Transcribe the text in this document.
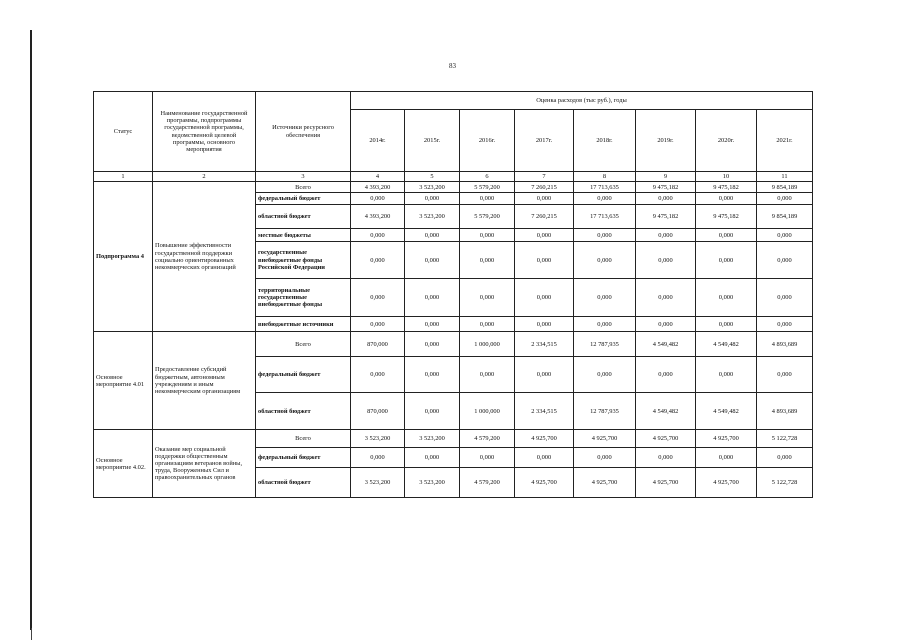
83
Статус	Наименование государственной программы, подпрограммы государственной программы, ведомственной целевой программы, основного мероприятия	Источники ресурсного обеспечения	Оценка расходов (тыс руб.), годы							
			2014г.	2015г.	2016г.	2017г.	2018г.	2019г.	2020г.	2021г.
1	2	3	4	5	6	7	8	9	10	11
Подпрограмма 4	Повышение эффективности государственной поддержки социально ориентированных некоммерческих организаций	Всего	4 393,200	3 523,200	5 579,200	7 260,215	17 713,635	9 475,182	9 475,182	9 854,189
		федеральный бюджет	0,000	0,000	0,000	0,000	0,000	0,000	0,000	0,000
		областной бюджет	4 393,200	3 523,200	5 579,200	7 260,215	17 713,635	9 475,182	9 475,182	9 854,189
		местные бюджеты	0,000	0,000	0,000	0,000	0,000	0,000	0,000	0,000
		государственные внебюджетные фонды Российской Федерации	0,000	0,000	0,000	0,000	0,000	0,000	0,000	0,000
		территориальные государственные внебюджетные фонды	0,000	0,000	0,000	0,000	0,000	0,000	0,000	0,000
		внебюджетные источники	0,000	0,000	0,000	0,000	0,000	0,000	0,000	0,000
Основное мероприятие 4.01	Предоставление субсидий бюджетным, автономным учреждениям и иным некоммерческим организациям	Всего	870,000	0,000	1 000,000	2 334,515	12 787,935	4 549,482	4 549,482	4 893,689
		федеральный бюджет	0,000	0,000	0,000	0,000	0,000	0,000	0,000	0,000
		областной бюджет	870,000	0,000	1 000,000	2 334,515	12 787,935	4 549,482	4 549,482	4 893,689
Основное мероприятие 4.02.	Оказание мер социальной поддержки общественным организациям ветеранов войны, труда, Вооруженных Сил и правоохранительных органов	Всего	3 523,200	3 523,200	4 579,200	4 925,700	4 925,700	4 925,700	4 925,700	5 122,728
		федеральный бюджет	0,000	0,000	0,000	0,000	0,000	0,000	0,000	0,000
		областной бюджет	3 523,200	3 523,200	4 579,200	4 925,700	4 925,700	4 925,700	4 925,700	5 122,728
